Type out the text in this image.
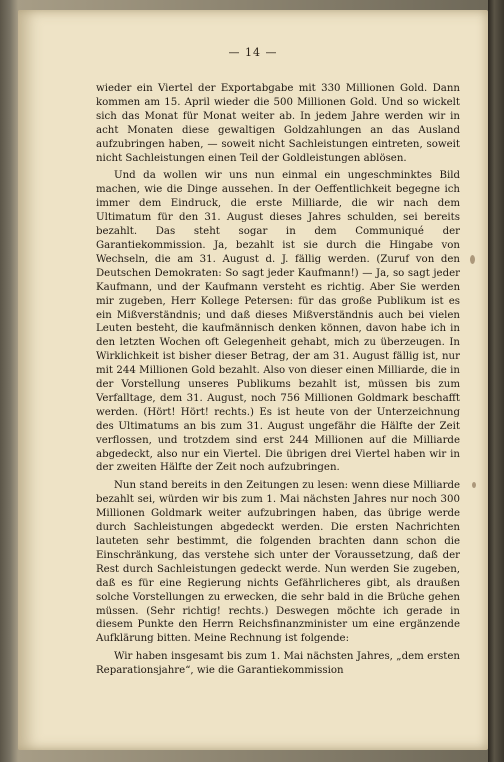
— 14 —

wieder ein Viertel der Exportabgabe mit 330 Millionen Gold. Dann kommen am 15. April wieder die 500 Millionen Gold. Und so wickelt sich das Monat für Monat weiter ab. In jedem Jahre werden wir in acht Monaten diese gewaltigen Goldzahlungen an das Ausland aufzubringen haben, — soweit nicht Sachleistungen eintreten, soweit nicht Sachleistungen einen Teil der Goldleistungen ablösen.

Und da wollen wir uns nun einmal ein ungeschminktes Bild machen, wie die Dinge aussehen. In der Oeffentlichkeit begegne ich immer dem Eindruck, die erste Milliarde, die wir nach dem Ultimatum für den 31. August dieses Jahres schulden, sei bereits bezahlt. Das steht sogar in dem Communiqué der Garantiekommission. Ja, bezahlt ist sie durch die Hingabe von Wechseln, die am 31. August d. J. fällig werden. (Zuruf von den Deutschen Demokraten: So sagt jeder Kaufmann!) — Ja, so sagt jeder Kaufmann, und der Kaufmann versteht es richtig. Aber Sie werden mir zugeben, Herr Kollege Petersen: für das große Publikum ist es ein Mißverständnis; und daß dieses Mißverständnis auch bei vielen Leuten besteht, die kaufmännisch denken können, davon habe ich in den letzten Wochen oft Gelegenheit gehabt, mich zu überzeugen. In Wirklichkeit ist bisher dieser Betrag, der am 31. August fällig ist, nur mit 244 Millionen Gold bezahlt. Also von dieser einen Milliarde, die in der Vorstellung unseres Publikums bezahlt ist, müssen bis zum Verfalltage, dem 31. August, noch 756 Millionen Goldmark beschafft werden. (Hört! Hört! rechts.) Es ist heute von der Unterzeichnung des Ultimatums an bis zum 31. August ungefähr die Hälfte der Zeit verflossen, und trotzdem sind erst 244 Millionen auf die Milliarde abgedeckt, also nur ein Viertel. Die übrigen drei Viertel haben wir in der zweiten Hälfte der Zeit noch aufzubringen.

Nun stand bereits in den Zeitungen zu lesen: wenn diese Milliarde bezahlt sei, würden wir bis zum 1. Mai nächsten Jahres nur noch 300 Millionen Goldmark weiter aufzubringen haben, das übrige werde durch Sachleistungen abgedeckt werden. Die ersten Nachrichten lauteten sehr bestimmt, die folgenden brachten dann schon die Einschränkung, das verstehe sich unter der Voraussetzung, daß der Rest durch Sachleistungen gedeckt werde. Nun werden Sie zugeben, daß es für eine Regierung nichts Gefährlicheres gibt, als draußen solche Vorstellungen zu erwecken, die sehr bald in die Brüche gehen müssen. (Sehr richtig! rechts.) Deswegen möchte ich gerade in diesem Punkte den Herrn Reichsfinanzminister um eine ergänzende Aufklärung bitten. Meine Rechnung ist folgende:

Wir haben insgesamt bis zum 1. Mai nächsten Jahres, „dem ersten Reparationsjahre“, wie die Garantiekommission
